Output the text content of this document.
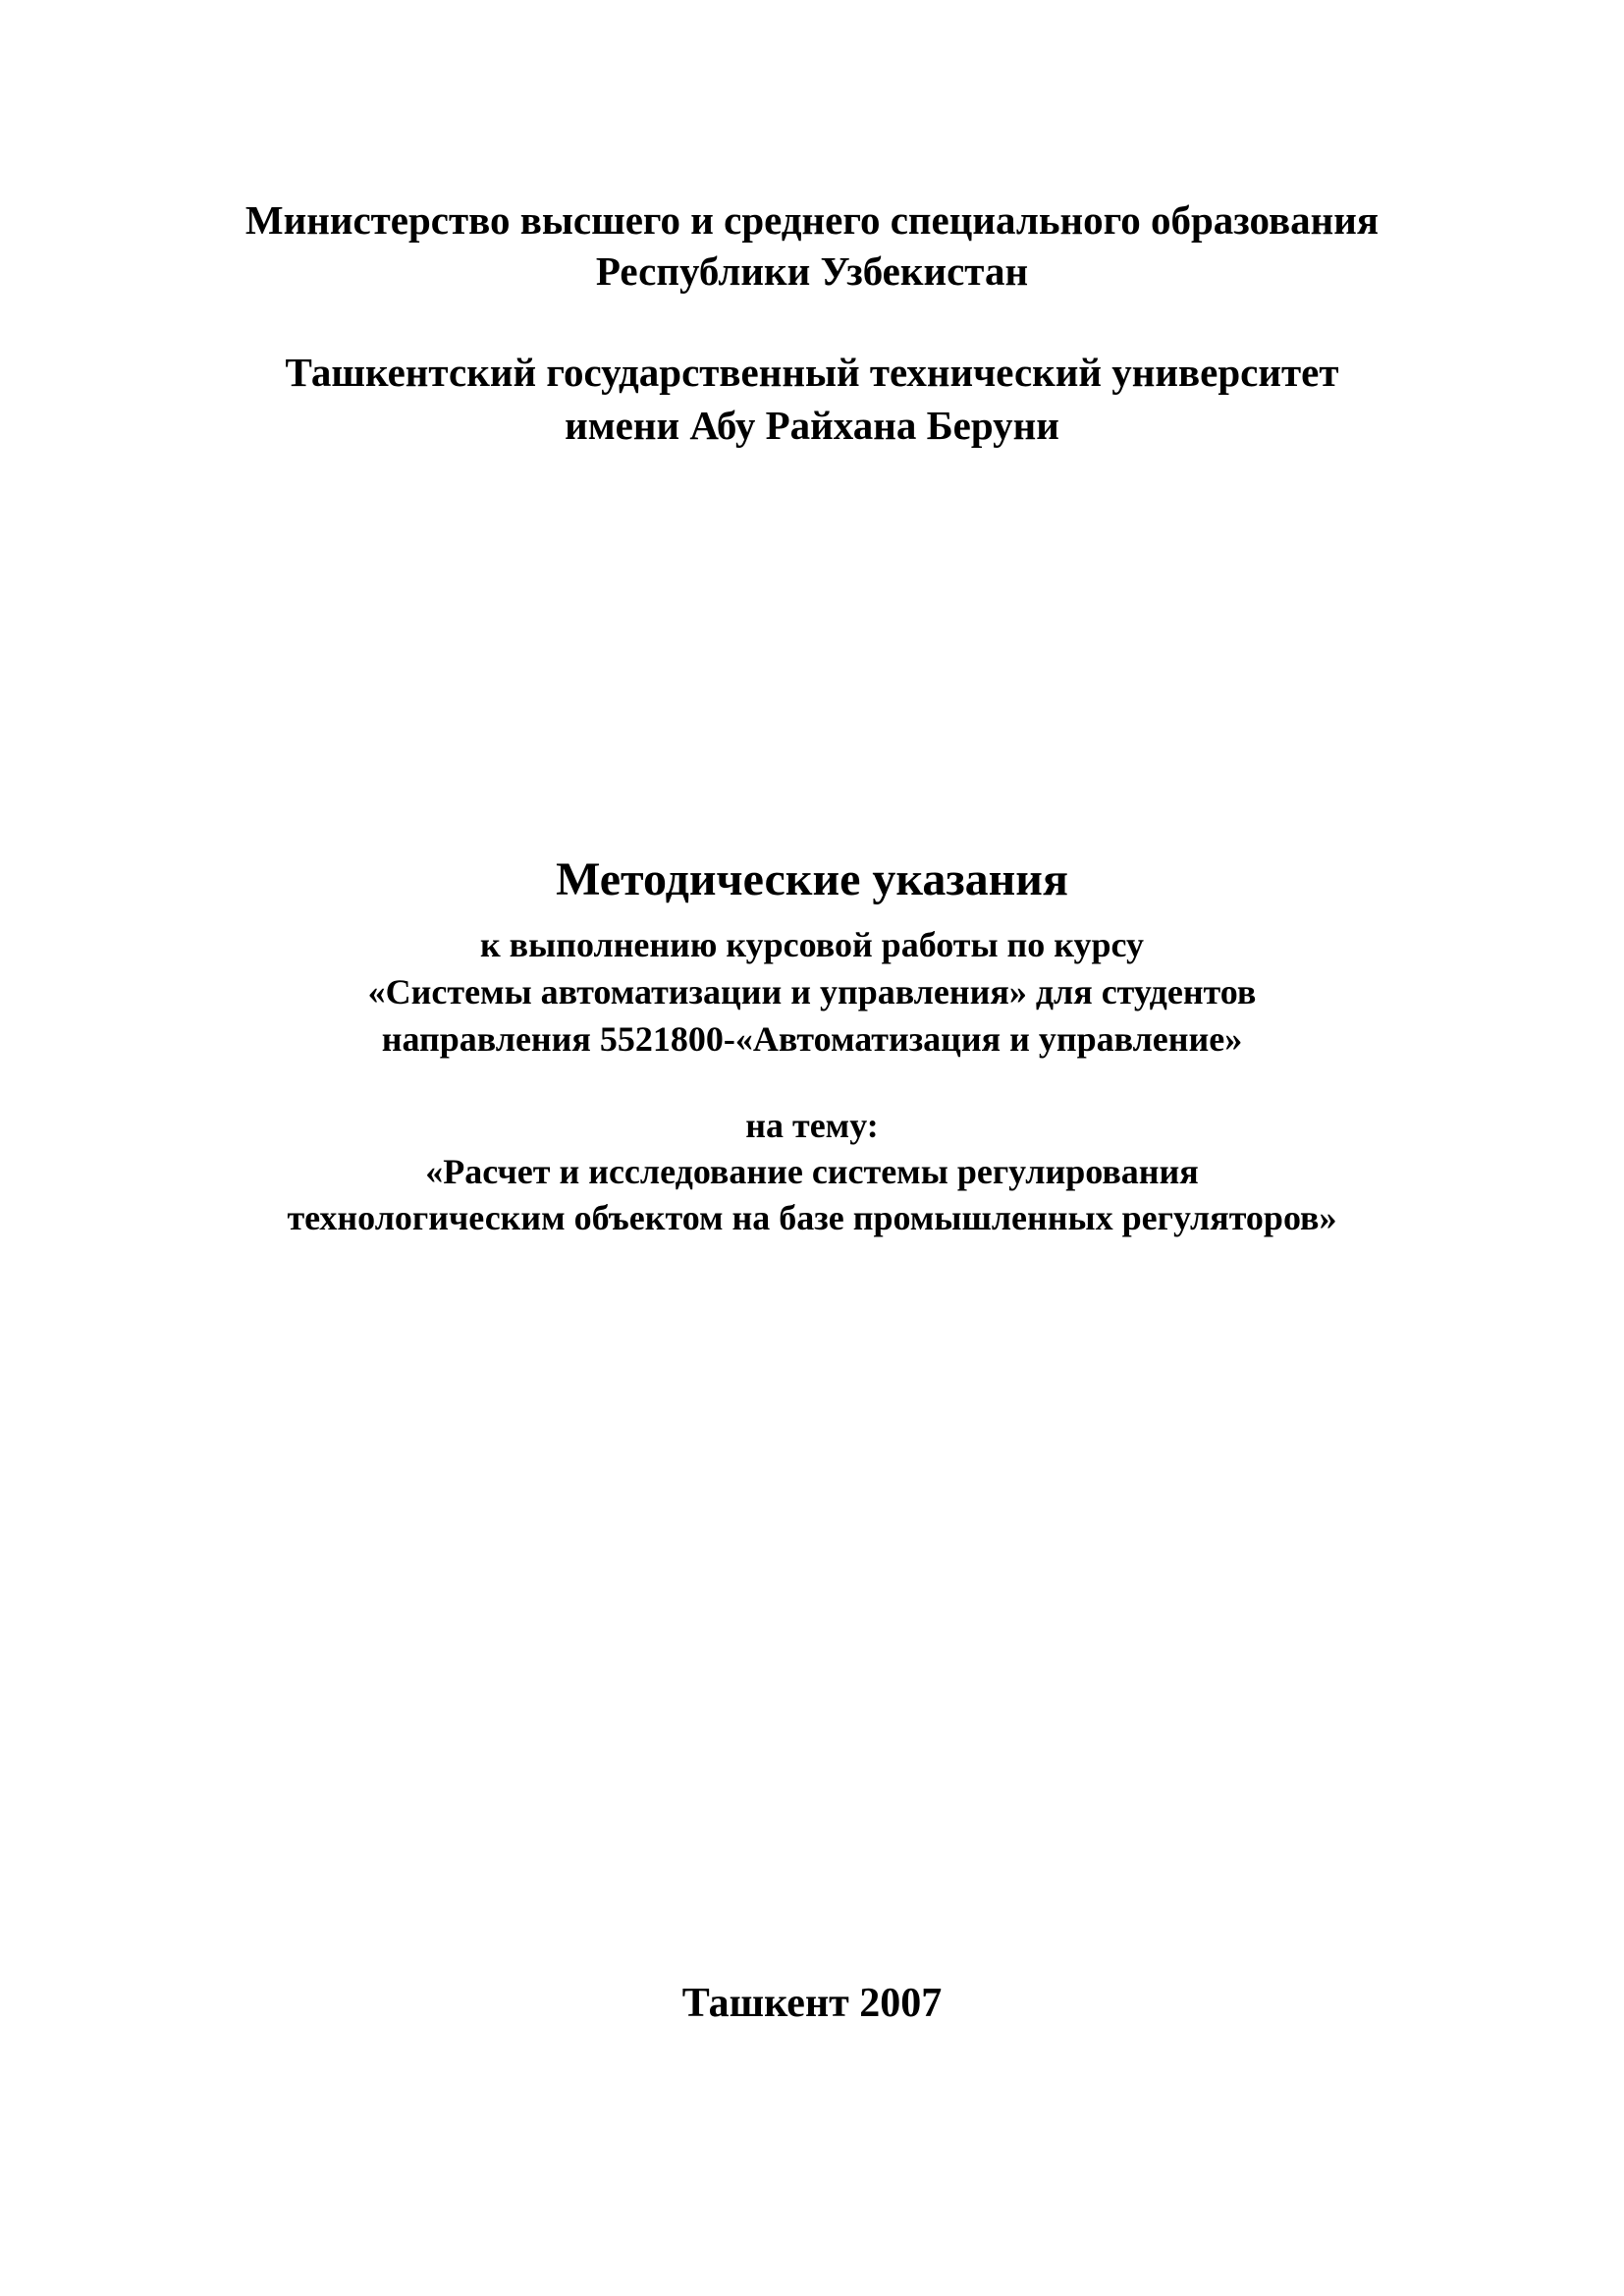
Министерство высшего и среднего специального образования
Республики Узбекистан
Ташкентский государственный технический университет
имени Абу Райхана Беруни
Методические указания
к выполнению курсовой работы по курсу
«Системы автоматизации и управления» для студентов
направления 5521800-«Автоматизация и управление»
на тему:
«Расчет и исследование системы регулирования
технологическим объектом на базе промышленных регуляторов»
Ташкент 2007
